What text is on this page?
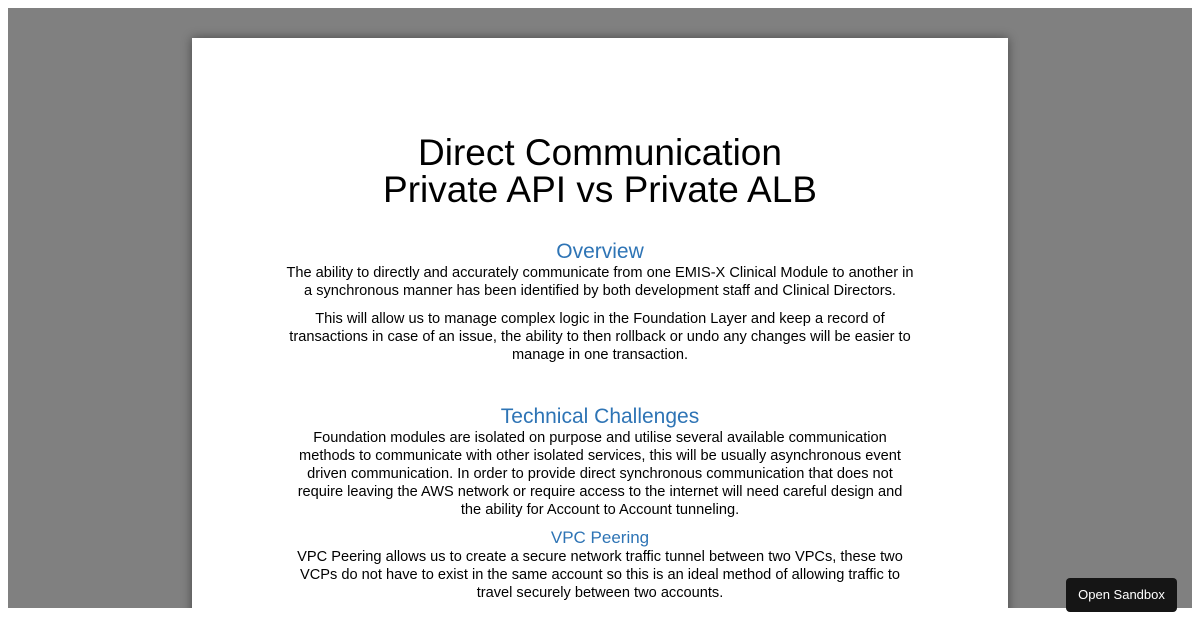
Direct Communication
Private API vs Private ALB
Overview

The ability to directly and accurately communicate from one EMIS-X Clinical Module to another in a synchronous manner has been identified by both development staff and Clinical Directors.

This will allow us to manage complex logic in the Foundation Layer and keep a record of transactions in case of an issue, the ability to then rollback or undo any changes will be easier to manage in one transaction.

Technical Challenges

Foundation modules are isolated on purpose and utilise several available communication methods to communicate with other isolated services, this will be usually asynchronous event driven communication. In order to provide direct synchronous communication that does not require leaving the AWS network or require access to the internet will need careful design and the ability for Account to Account tunneling.

VPC Peering

VPC Peering allows us to create a secure network traffic tunnel between two VPCs, these two VCPs do not have to exist in the same account so this is an ideal method of allowing traffic to travel securely between two accounts.	Open Sandbox
